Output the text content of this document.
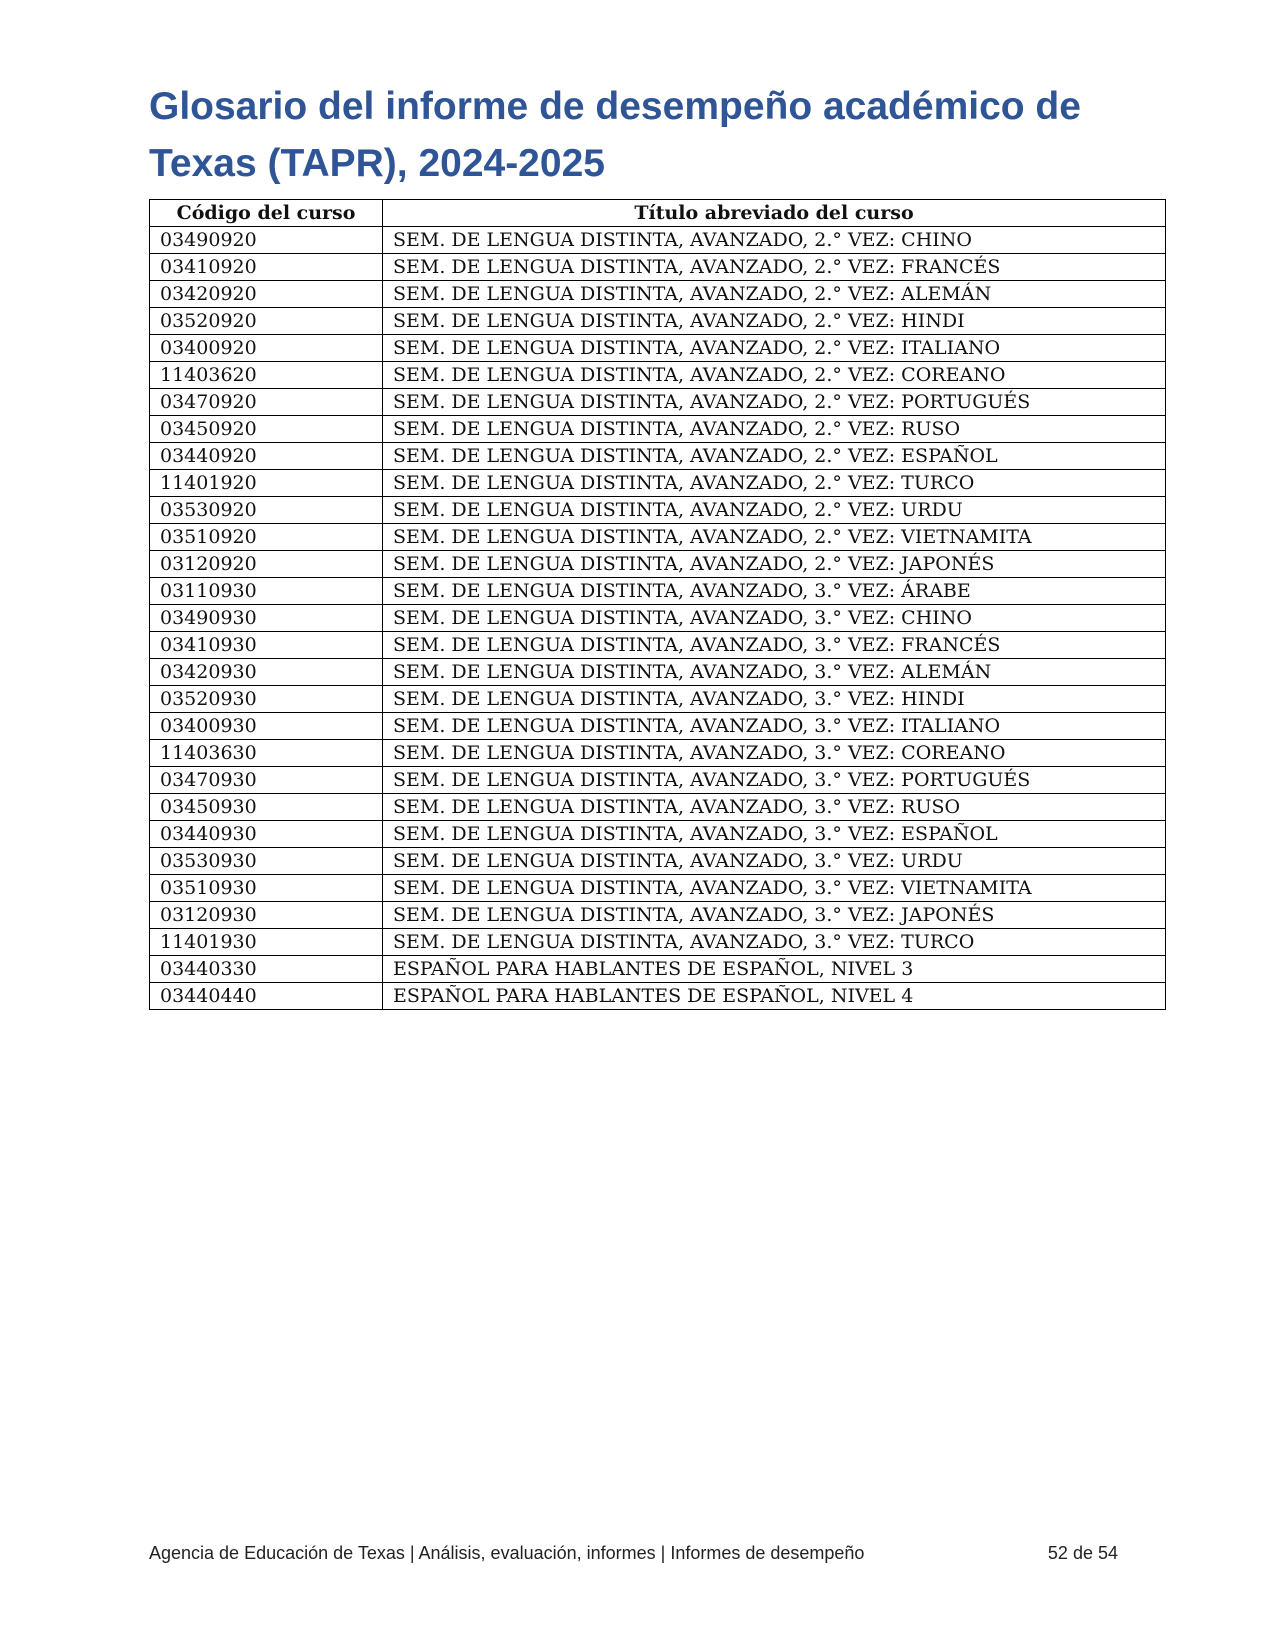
Glosario del informe de desempeño académico de
Texas (TAPR), 2024-2025
Código del curso	Título abreviado del curso
03490920	SEM. DE LENGUA DISTINTA, AVANZADO, 2.° VEZ: CHINO
03410920	SEM. DE LENGUA DISTINTA, AVANZADO, 2.° VEZ: FRANCÉS
03420920	SEM. DE LENGUA DISTINTA, AVANZADO, 2.° VEZ: ALEMÁN
03520920	SEM. DE LENGUA DISTINTA, AVANZADO, 2.° VEZ: HINDI
03400920	SEM. DE LENGUA DISTINTA, AVANZADO, 2.° VEZ: ITALIANO
11403620	SEM. DE LENGUA DISTINTA, AVANZADO, 2.° VEZ: COREANO
03470920	SEM. DE LENGUA DISTINTA, AVANZADO, 2.° VEZ: PORTUGUÉS
03450920	SEM. DE LENGUA DISTINTA, AVANZADO, 2.° VEZ: RUSO
03440920	SEM. DE LENGUA DISTINTA, AVANZADO, 2.° VEZ: ESPAÑOL
11401920	SEM. DE LENGUA DISTINTA, AVANZADO, 2.° VEZ: TURCO
03530920	SEM. DE LENGUA DISTINTA, AVANZADO, 2.° VEZ: URDU
03510920	SEM. DE LENGUA DISTINTA, AVANZADO, 2.° VEZ: VIETNAMITA
03120920	SEM. DE LENGUA DISTINTA, AVANZADO, 2.° VEZ: JAPONÉS
03110930	SEM. DE LENGUA DISTINTA, AVANZADO, 3.° VEZ: ÁRABE
03490930	SEM. DE LENGUA DISTINTA, AVANZADO, 3.° VEZ: CHINO
03410930	SEM. DE LENGUA DISTINTA, AVANZADO, 3.° VEZ: FRANCÉS
03420930	SEM. DE LENGUA DISTINTA, AVANZADO, 3.° VEZ: ALEMÁN
03520930	SEM. DE LENGUA DISTINTA, AVANZADO, 3.° VEZ: HINDI
03400930	SEM. DE LENGUA DISTINTA, AVANZADO, 3.° VEZ: ITALIANO
11403630	SEM. DE LENGUA DISTINTA, AVANZADO, 3.° VEZ: COREANO
03470930	SEM. DE LENGUA DISTINTA, AVANZADO, 3.° VEZ: PORTUGUÉS
03450930	SEM. DE LENGUA DISTINTA, AVANZADO, 3.° VEZ: RUSO
03440930	SEM. DE LENGUA DISTINTA, AVANZADO, 3.° VEZ: ESPAÑOL
03530930	SEM. DE LENGUA DISTINTA, AVANZADO, 3.° VEZ: URDU
03510930	SEM. DE LENGUA DISTINTA, AVANZADO, 3.° VEZ: VIETNAMITA
03120930	SEM. DE LENGUA DISTINTA, AVANZADO, 3.° VEZ: JAPONÉS
11401930	SEM. DE LENGUA DISTINTA, AVANZADO, 3.° VEZ: TURCO
03440330	ESPAÑOL PARA HABLANTES DE ESPAÑOL, NIVEL 3
03440440	ESPAÑOL PARA HABLANTES DE ESPAÑOL, NIVEL 4
Agencia de Educación de Texas | Análisis, evaluación, informes | Informes de desempeño	52 de 54
